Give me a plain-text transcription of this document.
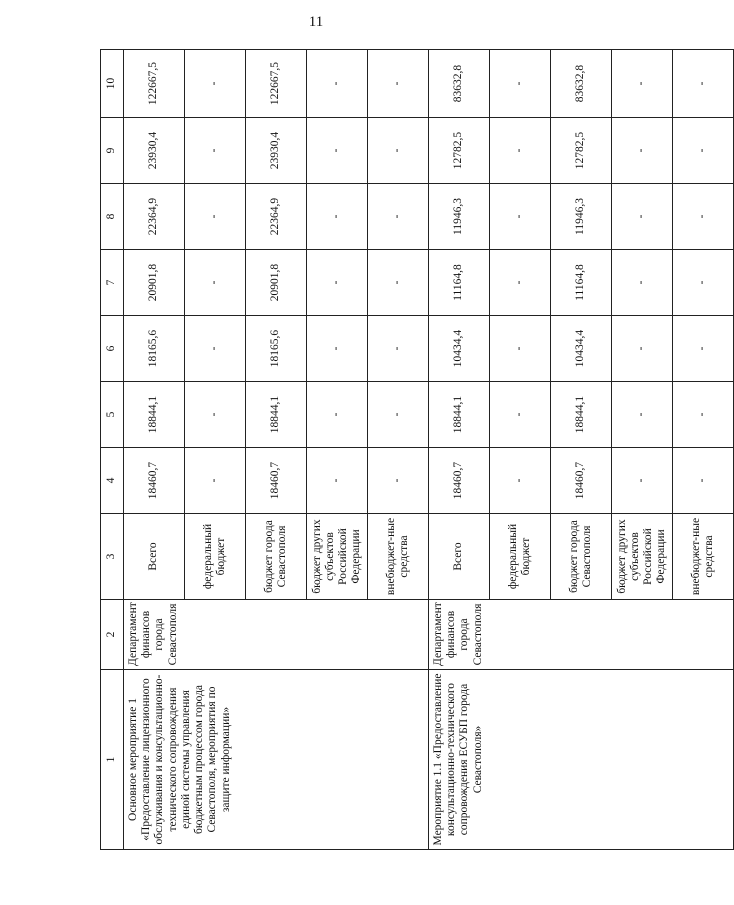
11
1	2	3	4	5	6	7	8	9	10
Основное мероприятие 1 «Предоставление лицензионного обслуживания и консультационно-технического сопровождения единой системы управления бюджетным процессом города Севастополя, мероприятия по защите информации»	Департамент финансов города Севастополя	Всего	18460,7	18844,1	18165,6	20901,8	22364,9	23930,4	122667,5
		федеральный бюджет	-	-	-	-	-	-	-
		бюджет города Севастополя	18460,7	18844,1	18165,6	20901,8	22364,9	23930,4	122667,5
		бюджет других субъектов Российской Федерации	-	-	-	-	-	-	-
		внебюджет-ные средства	-	-	-	-	-	-	-
Мероприятие 1.1 «Предоставление консультационно-технического сопровождения ЕСУБП города Севастополя»	Департамент финансов города Севастополя	Всего	18460,7	18844,1	10434,4	11164,8	11946,3	12782,5	83632,8
		федеральный бюджет	-	-	-	-	-	-	-
		бюджет города Севастополя	18460,7	18844,1	10434,4	11164,8	11946,3	12782,5	83632,8
		бюджет других субъектов Российской Федерации	-	-	-	-	-	-	-
		внебюджет-ные средства	-	-	-	-	-	-	-
